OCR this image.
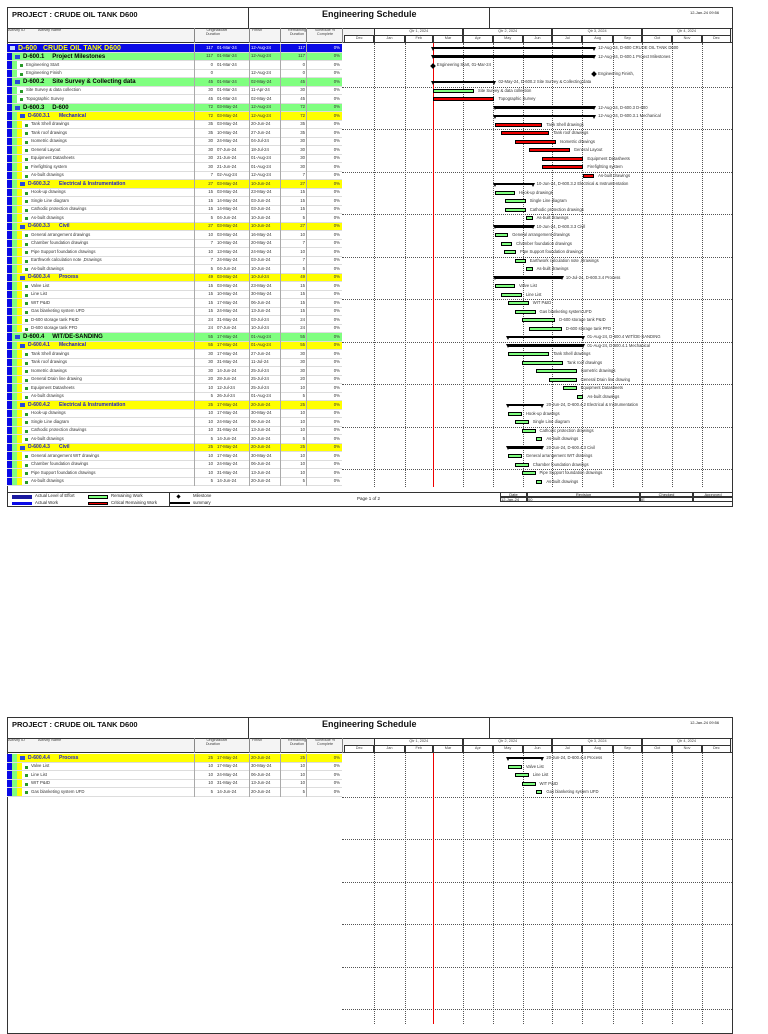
PROJECT : CRUDE OIL TANK D600	Engineering Schedule	12-Jan-24 09:56
Activity ID	Activity Name	Original Duration
Start	Finish	Remaining Duration
Schedule % Complete
Qtr 1, 2024	Qtr 2, 2024	Qtr 3, 2024	Qtr 4, 2024
Dec	Jan	Feb	Mar	Apr	May	Jun	Jul	Aug	Sep	Oct	Nov	Dec
D-600 CRUDE OIL TANK D600	117 01-Mar-24	12-Aug-24	117	0%	12-Aug-24, D-600 CRUDE OIL TANK D600
D-600.1 Project Milestones	117 01-Mar-24	12-Aug-24	117	0%	12-Aug-24, D-600.1 Project Milestones
Engineering Start	0 01-Mar-24	0	0%	Engineering Start, 01-Mar-24
Engineering Finish	0	12-Aug-24	0	0%	Engineering Finish,
D-600.2 Site Survey & Collecting data	45 01-Mar-24	02-May-24	45	0%	02-May-24, D-600.2 Site Survey & Collecting data
Site Survey & data collection	30 01-Mar-24	11-Apr-24	30	0%	Site Survey & data collection
Topographic Survey	45 01-Mar-24	02-May-24	45	0%	Topographic Survey
D-600.3 D-600	72 03-May-24	12-Aug-24	72	0%	12-Aug-24, D-600.3 D-600
D-600.3.1 Mechanical	72 03-May-24	12-Aug-24	72	0%	12-Aug-24, D-600.3.1 Mechanical
Tank Shell drawings	35 03-May-24	20-Jun-24	35	0%	Tank Shell drawings
Tank roof drawings	35 10-May-24	27-Jun-24	35	0%	Tank roof drawings
Isometric drawings	30 24-May-24	04-Jul-24	30	0%	Isometric drawings
General Layout	30 07-Jun-24	18-Jul-24	30	0%	General Layout
Equipment Datasheets	30 21-Jun-24	01-Aug-24	30	0%	Equipment Datasheets
Firefighting system	30 21-Jun-24	01-Aug-24	30	0%	Firefighting system
As-built drawings	7 02-Aug-24	12-Aug-24	7	0%	As-built drawings
D-600.3.2 Electrical & Instrumentation	27 03-May-24	10-Jun-24	27	0%	10-Jun-24, D-600.3.2 Electrical & Instrumentation
Hook-up drawings	15 03-May-24	23-May-24	15	0%	Hook-up drawings
Single Line diagram	15 14-May-24	03-Jun-24	15	0%	Single Line diagram
Cathodic protection drawings	15 14-May-24	03-Jun-24	15	0%	Cathodic protection drawings
As-built drawings	5 04-Jun-24	10-Jun-24	5	0%	As-built drawings
D-600.3.3 Civil	27 03-May-24	10-Jun-24	27	0%	10-Jun-24, D-600.3.3 Civil
General arrangement drawings	10 03-May-24	16-May-24	10	0%	General arrangement drawings
Chamber foundation drawings	7 10-May-24	20-May-24	7	0%	Chamber foundation drawings
Pipe Support foundation drawings	10 13-May-24	24-May-24	10	0%	Pipe Support foundation drawings
Earthwork calculation note ,Drawings	7 24-May-24	03-Jun-24	7	0%	Earthwork calculation note ,Drawings
As-built drawings	5 04-Jun-24	10-Jun-24	5	0%	As-built drawings
D-600.3.4 Process	49 03-May-24	10-Jul-24	49	0%	10-Jul-24, D-600.3.4 Process
Valve List	15 03-May-24	23-May-24	15	0%	Valve List
Line List	15 10-May-24	30-May-24	15	0%	Line List
WIT P&ID	15 17-May-24	06-Jun-24	15	0%	WIT P&ID
Gas blanketing system UFD	15 24-May-24	13-Jun-24	15	0%	Gas blanketing system UFD
D-600 storage tank P&ID	24 31-May-24	03-Jul-24	24	0%	D-600 storage tank P&ID
D-600 storage tank PFD	24 07-Jun-24	10-Jul-24	24	0%	D-600 storage tank PFD
D-600.4 WIT/DE-SANDING	55 17-May-24	01-Aug-24	55	0%	01-Aug-24, D-600.4 WIT/DE-SANDING
D-600.4.1 Mechanical	55 17-May-24	01-Aug-24	55	0%	01-Aug-24, D-600.4.1 Mechanical
Tank Shell drawings	30 17-May-24	27-Jun-24	30	0%	Tank Shell drawings
Tank roof drawings	30 31-May-24	11-Jul-24	30	0%	Tank roof drawings
Isometric drawings	30 14-Jun-24	25-Jul-24	30	0%	Isometric drawings
General Drain line drawing	20 28-Jun-24	25-Jul-24	20	0%	General Drain line drawing
Equipment Datasheets	10 12-Jul-24	25-Jul-24	10	0%	Equipment Datasheets
As-built drawings	5 26-Jul-24	01-Aug-24	5	0%	As-built drawings
D-600.4.2 Electrical & Instrumentation	25 17-May-24	20-Jun-24	25	0%	20-Jun-24, D-600.4.2 Electrical & Instrumentation
Hook-up drawings	10 17-May-24	30-May-24	10	0%	Hook-up drawings
Single Line diagram	10 24-May-24	06-Jun-24	10	0%	Single Line diagram
Cathodic protection drawings	10 31-May-24	13-Jun-24	10	0%	Cathodic protection drawings
As-built drawings	5 14-Jun-24	20-Jun-24	5	0%	As-built drawings
D-600.4.3 Civil	25 17-May-24	20-Jun-24	25	0%	20-Jun-24, D-600.4.3 Civil
General arrangement WIT drawings	10 17-May-24	30-May-24	10	0%	General arrangement WIT drawings
Chamber foundation drawings	10 24-May-24	06-Jun-24	10	0%	Chamber foundation drawings
Pipe Support foundation drawings	10 31-May-24	13-Jun-24	10	0%	Pipe Support foundation drawings
As-built drawings	5 14-Jun-24	20-Jun-24	5	0%	As-built drawings
Actual Level of Effort
Actual Work
Remaining Work
Critical Remaining Work
Milestone
summary
Page 1 of 2
Date
12-Jan-24
Revision
00
Checked
IE
Approved
PROJECT : CRUDE OIL TANK D600	Engineering Schedule	12-Jan-24 09:56
Activity ID	Activity Name	Original Duration
Start	Finish	Remaining Duration
Schedule % Complete
Qtr 1, 2024	Qtr 2, 2024	Qtr 3, 2024	Qtr 4, 2024
Dec	Jan	Feb	Mar	Apr	May	Jun	Jul	Aug	Sep	Oct	Nov	Dec
D-600.4.4 Process	25 17-May-24	20-Jun-24	25	0%	20-Jun-24, D-600.4.4 Process
Valve List	10 17-May-24	30-May-24	10	0%	Valve List
Line List	10 24-May-24	06-Jun-24	10	0%	Line List
WIT P&ID	10 31-May-24	13-Jun-24	10	0%	WIT P&ID
Gas blanketing system UFD	5 14-Jun-24	20-Jun-24	5	0%	Gas blanketing system UFD
